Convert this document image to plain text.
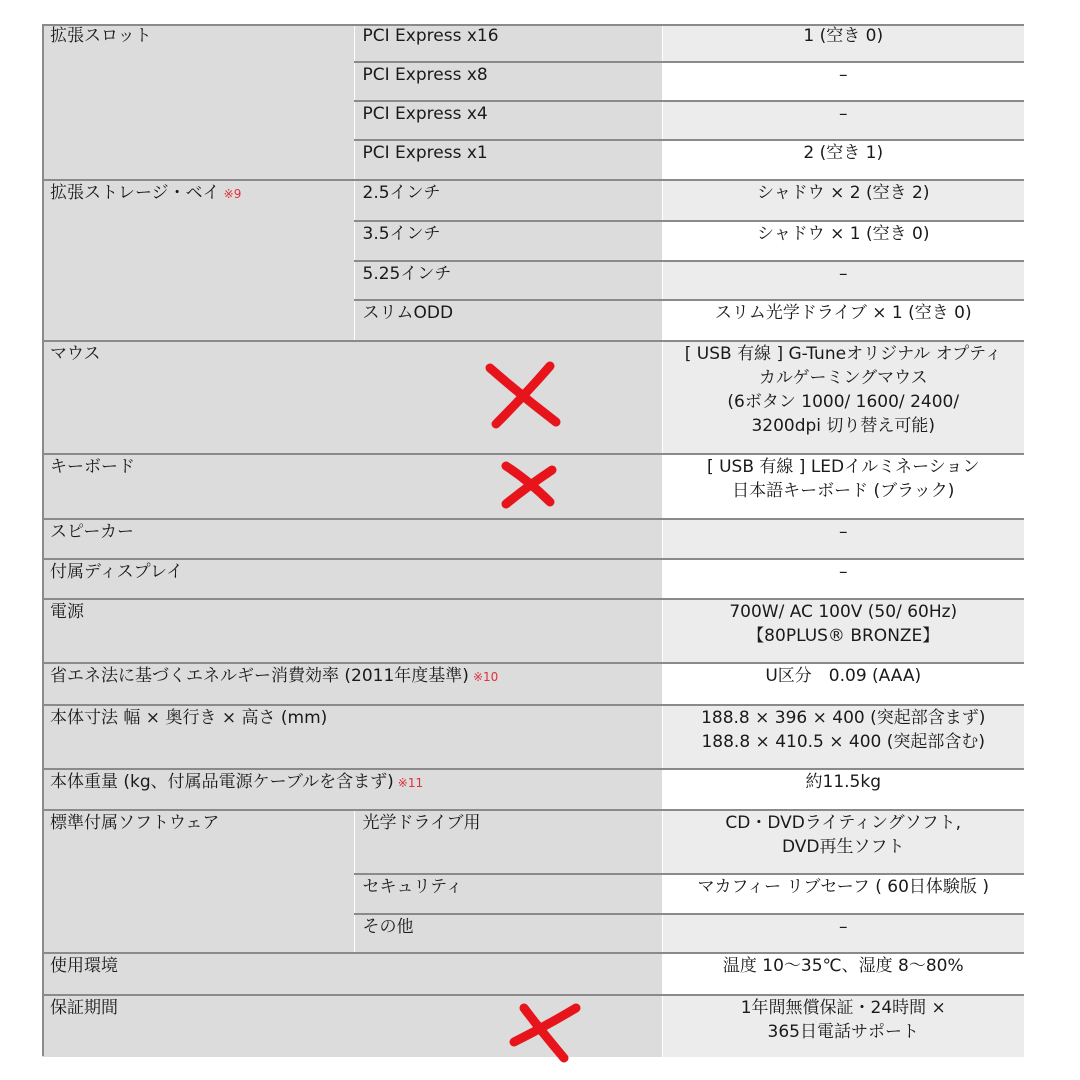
拡張スロット	PCI Express x16	1 (空き 0)
	PCI Express x8	–
	PCI Express x4	–
	PCI Express x1	2 (空き 1)
拡張ストレージ・ベイ ※9	2.5インチ	シャドウ × 2 (空き 2)
	3.5インチ	シャドウ × 1 (空き 0)
	5.25インチ	–
	スリムODD	スリム光学ドライブ × 1 (空き 0)
マウス		[ USB 有線 ] G-Tuneオリジナル オプティ
カルゲーミングマウス
(6ボタン 1000/ 1600/ 2400/
3200dpi 切り替え可能)

キーボード		[ USB 有線 ] LEDイルミネーション
日本語キーボード (ブラック)

スピーカー		–
付属ディスプレイ		–
電源		700W/ AC 100V (50/ 60Hz)
【80PLUS® BRONZE】

省エネ法に基づくエネルギー消費効率 (2011年度基準) ※10		U区分　0.09 (AAA)
本体寸法 幅 × 奥行き × 高さ (mm)		188.8 × 396 × 400 (突起部含まず)
188.8 × 410.5 × 400 (突起部含む)

本体重量 (kg、付属品電源ケーブルを含まず) ※11		約11.5kg
標準付属ソフトウェア	光学ドライブ用	CD・DVDライティングソフト,
DVD再生ソフト

	セキュリティ	マカフィー リブセーフ ( 60日体験版 )
	その他	–
使用環境		温度 10～35℃、湿度 8～80%
保証期間		1年間無償保証・24時間 ×
365日電話サポート
